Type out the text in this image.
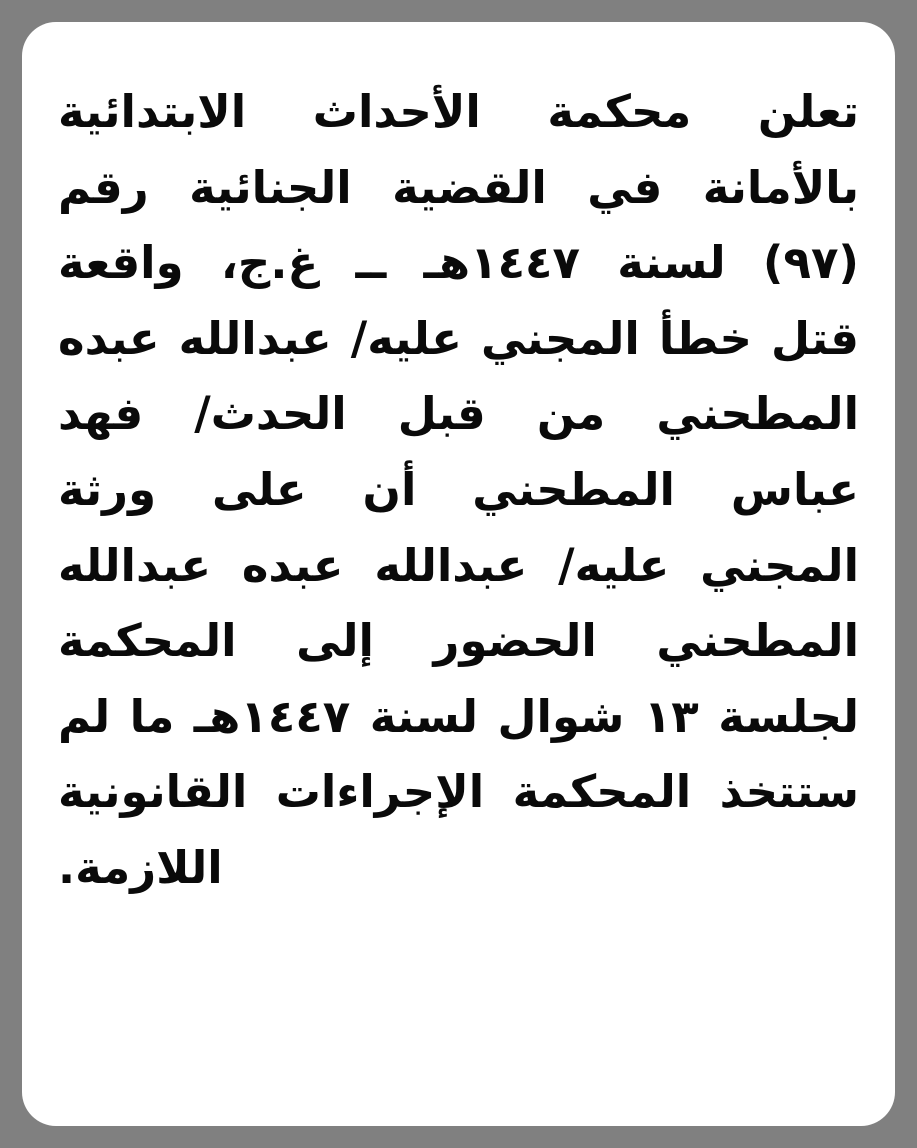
تعلن محكمة الأحداث الابتدائية بالأمانة في القضية الجنائية رقم (٩٧) لسنة ١٤٤٧هـ ــ غ.ج، واقعة قتل خطأ المجني عليه/ عبدالله عبده المطحني من قبل الحدث/ فهد عباس المطحني أن على ورثة المجني عليه/ عبدالله عبده عبدالله المطحني الحضور إلى المحكمة لجلسة ١٣ شوال لسنة ١٤٤٧هـ ما لم ستتخذ المحكمة الإجراءات القانونية اللازمة.
